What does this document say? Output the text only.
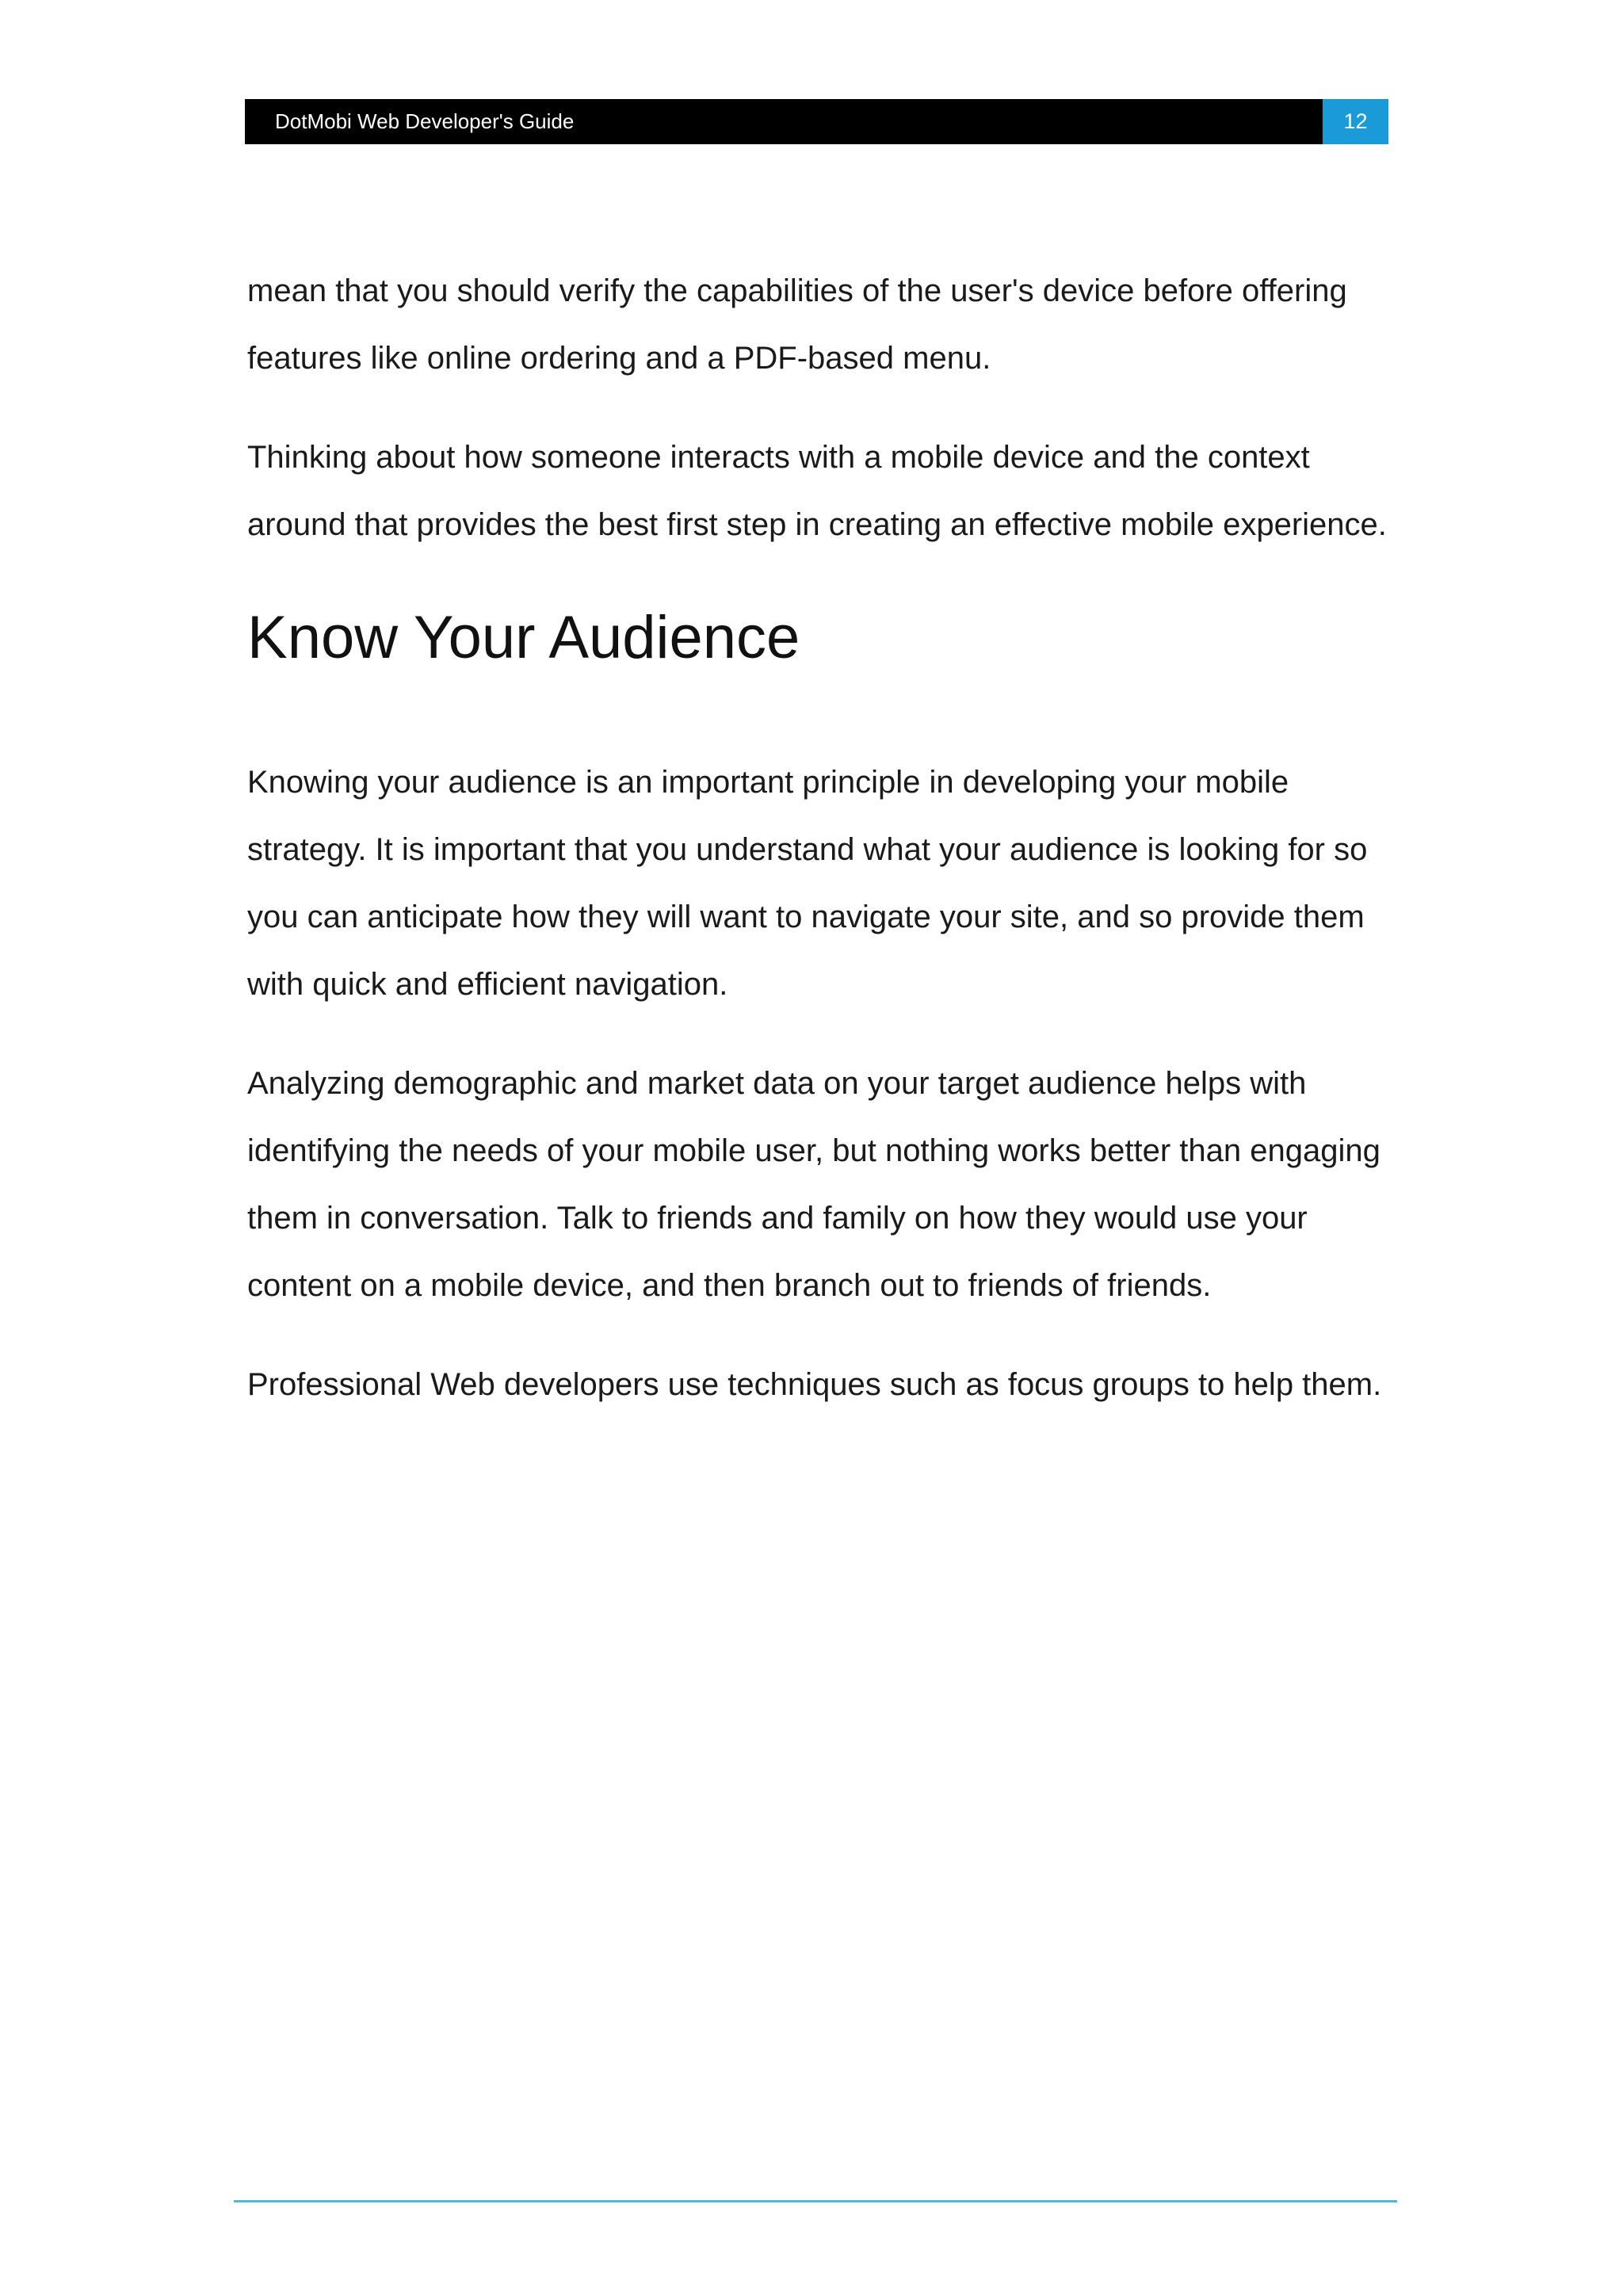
DotMobi Web Developer's Guide	12

mean that you should verify the capabilities of the user's device before offering features like online ordering and a PDF-based menu.

Thinking about how someone interacts with a mobile device and the context around that provides the best first step in creating an effective mobile experience.

Know Your Audience

Knowing your audience is an important principle in developing your mobile strategy. It is important that you understand what your audience is looking for so you can anticipate how they will want to navigate your site, and so provide them with quick and efficient navigation.

Analyzing demographic and market data on your target audience helps with identifying the needs of your mobile user, but nothing works better than engaging them in conversation. Talk to friends and family on how they would use your content on a mobile device, and then branch out to friends of friends.

Professional Web developers use techniques such as focus groups to help them.
